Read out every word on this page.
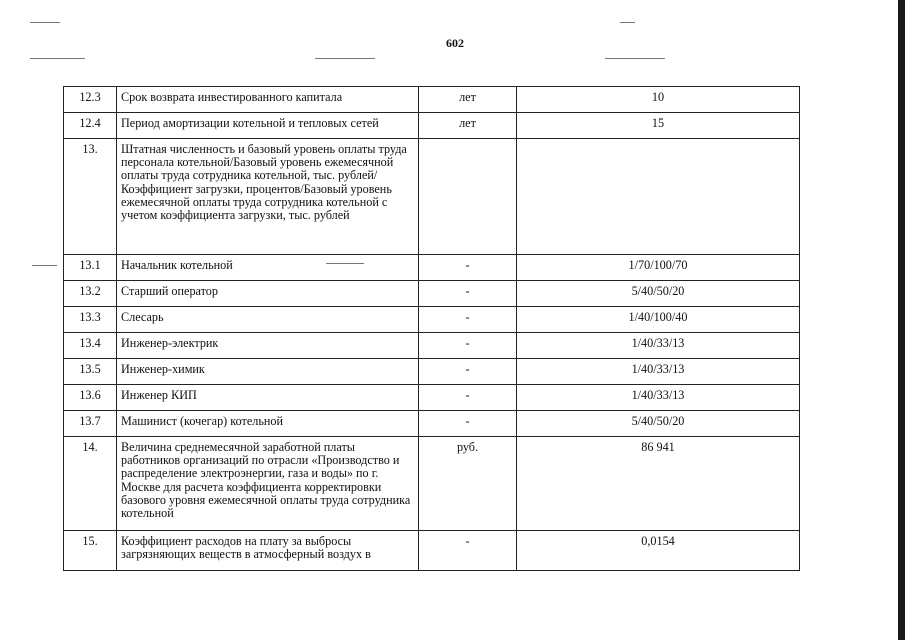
602
12.3	Срок возврата инвестированного капитала	лет	10
12.4	Период амортизации котельной и тепловых сетей	лет	15
13.	Штатная численность и базовый уровень оплаты труда персонала котельной/Базовый уровень ежемесячной оплаты труда сотрудника котельной, тыс. рублей/Коэффициент загрузки, процентов/Базовый уровень ежемесячной оплаты труда сотрудника котельной с учетом коэффициента загрузки, тыс. рублей		
13.1	Начальник котельной	-	1/70/100/70
13.2	Старший оператор	-	5/40/50/20
13.3	Слесарь	-	1/40/100/40
13.4	Инженер-электрик	-	1/40/33/13
13.5	Инженер-химик	-	1/40/33/13
13.6	Инженер КИП	-	1/40/33/13
13.7	Машинист (кочегар) котельной	-	5/40/50/20
14.	Величина среднемесячной заработной платы работников организаций по отрасли «Производство и распределение электроэнергии, газа и воды» по г. Москве для расчета коэффициента корректировки базового уровня ежемесячной оплаты труда сотрудника котельной	руб.	86 941
15.	Коэффициент расходов на плату за выбросы загрязняющих веществ в атмосферный воздух в	-	0,0154
